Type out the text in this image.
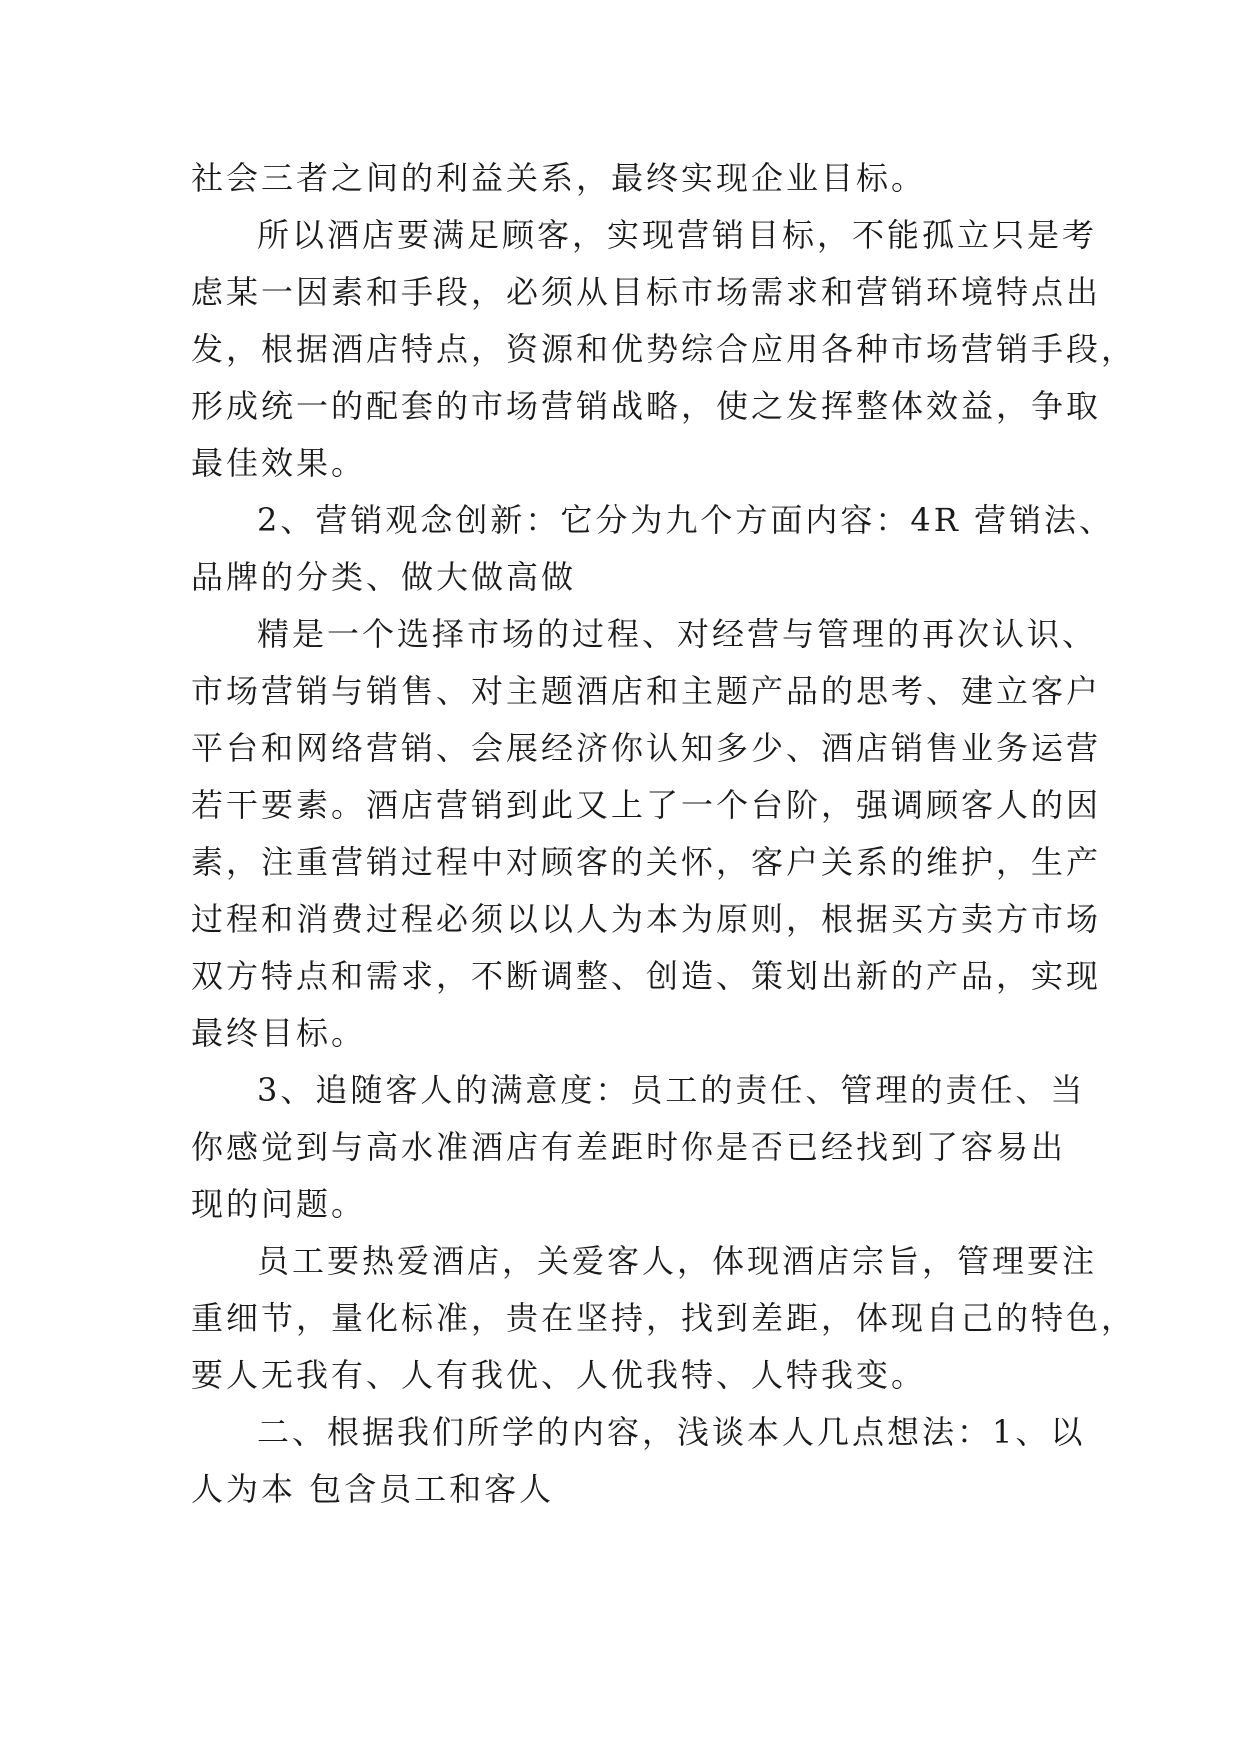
社会三者之间的利益关系，最终实现企业目标。
所以酒店要满足顾客，实现营销目标，不能孤立只是考
虑某一因素和手段，必须从目标市场需求和营销环境特点出
发，根据酒店特点，资源和优势综合应用各种市场营销手段，
形成统一的配套的市场营销战略，使之发挥整体效益，争取
最佳效果。
2、营销观念创新：它分为九个方面内容：4R 营销法、
品牌的分类、做大做高做
精是一个选择市场的过程、对经营与管理的再次认识、
市场营销与销售、对主题酒店和主题产品的思考、建立客户
平台和网络营销、会展经济你认知多少、酒店销售业务运营
若干要素。酒店营销到此又上了一个台阶，强调顾客人的因
素，注重营销过程中对顾客的关怀，客户关系的维护，生产
过程和消费过程必须以以人为本为原则，根据买方卖方市场
双方特点和需求，不断调整、创造、策划出新的产品，实现
最终目标。
3、追随客人的满意度：员工的责任、管理的责任、当
你感觉到与高水准酒店有差距时你是否已经找到了容易出
现的问题。
员工要热爱酒店，关爱客人，体现酒店宗旨，管理要注
重细节，量化标准，贵在坚持，找到差距，体现自己的特色，
要人无我有、人有我优、人优我特、人特我变。
二、根据我们所学的内容，浅谈本人几点想法：1、以
人为本 包含员工和客人
